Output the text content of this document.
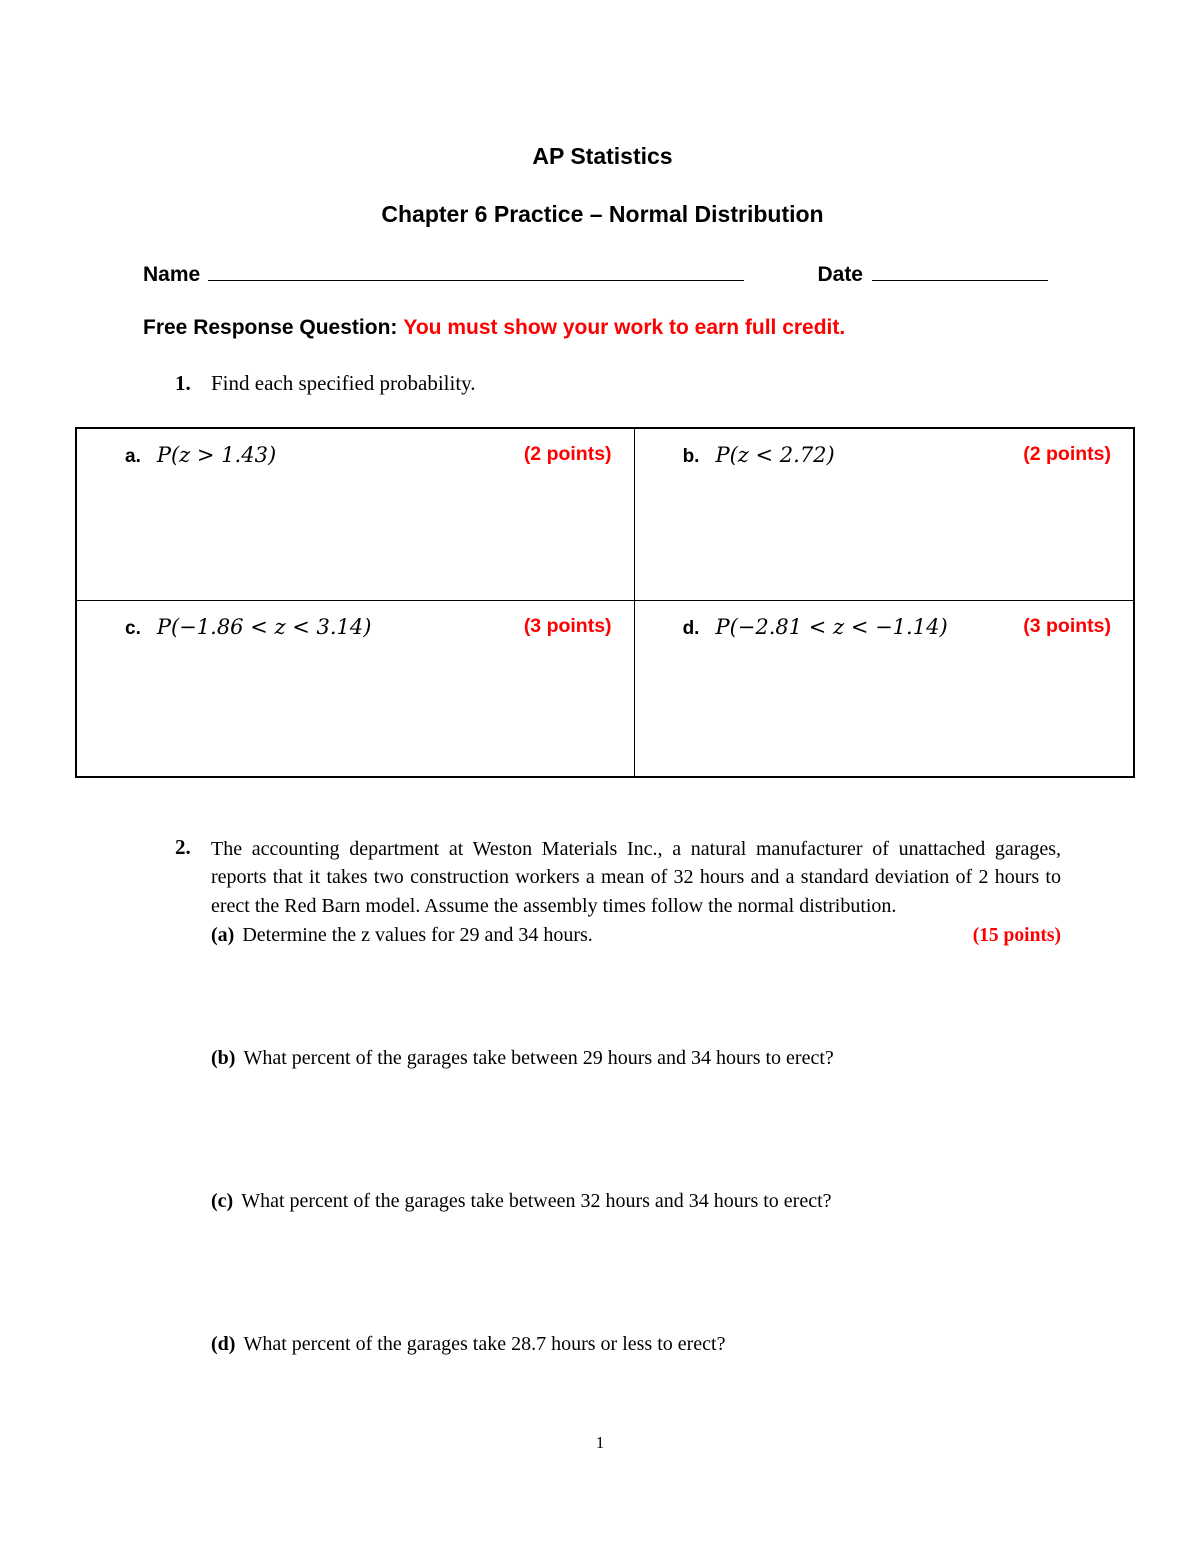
AP Statistics
Chapter 6 Practice – Normal Distribution
Name	Date
Free Response Question: You must show your work to earn full credit.
1. Find each specified probability.
a. P(z > 1.43)	(2 points)	b. P(z < 2.72)	(2 points)
c. P(−1.86 < z < 3.14)	(3 points)	d. P(−2.81 < z < −1.14)	(3 points)
2.	The accounting department at Weston Materials Inc., a natural manufacturer of unattached garages, reports that it takes two construction workers a mean of 32 hours and a standard deviation of 2 hours to erect the Red Barn model. Assume the assembly times follow the normal distribution.
(a) Determine the z values for 29 and 34 hours.	(15 points)
(b) What percent of the garages take between 29 hours and 34 hours to erect?
(c) What percent of the garages take between 32 hours and 34 hours to erect?
(d) What percent of the garages take 28.7 hours or less to erect?
1
